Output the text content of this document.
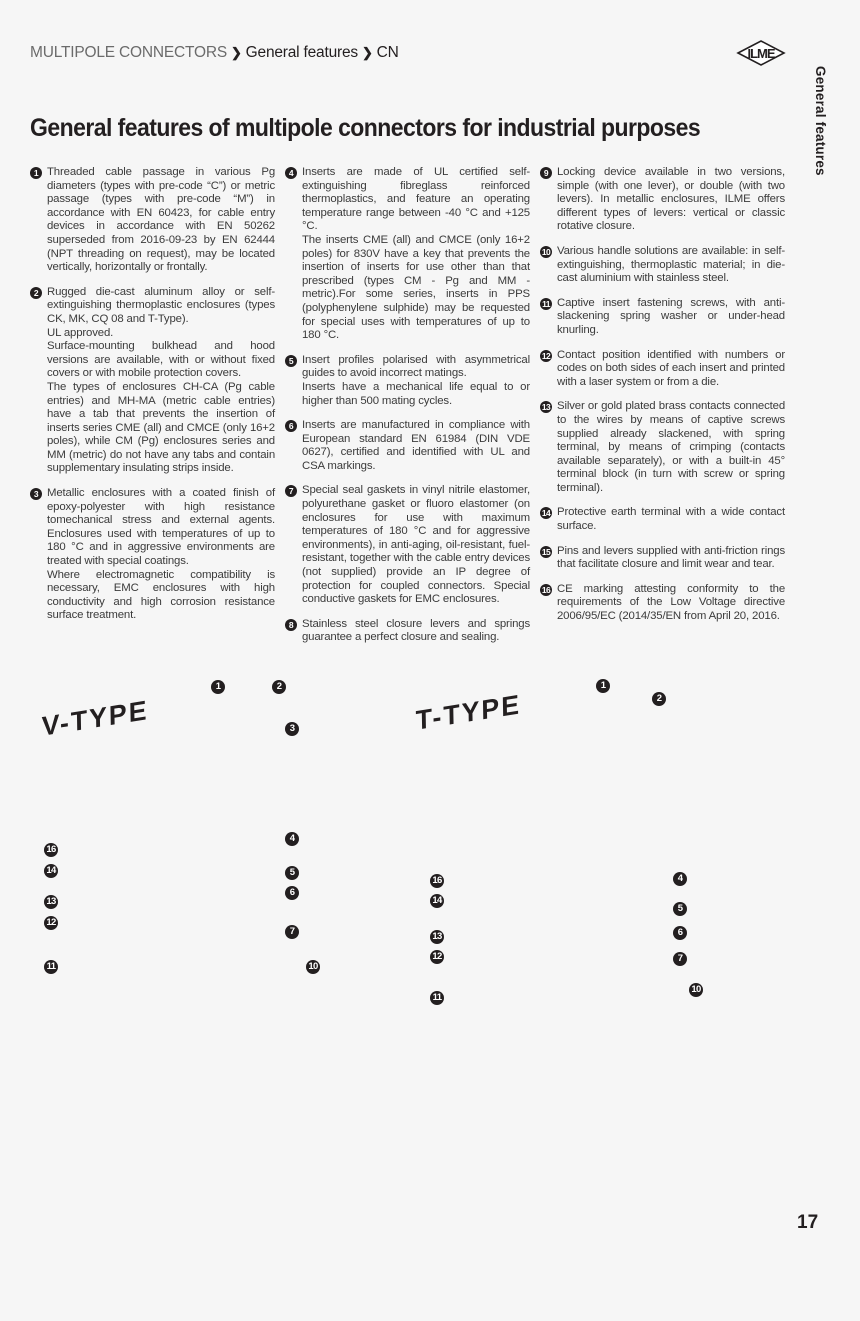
MULTIPOLE CONNECTORS ❯ General features ❯ CN	ILME
General features
General features of multipole connectors for industrial purposes
1 Threaded cable passage in various Pg diameters (types with pre-code “C”) or metric passage (types with pre-code “M”) in accordance with EN 60423, for cable entry devices in accordance with EN 50262 superseded from 2016-09-23 by EN 62444 (NPT threading on request), may be located vertically, horizontally or frontally.

2 Rugged die-cast aluminum alloy or self-extinguishing thermoplastic enclosures (types CK, MK, CQ 08 and T-Type).

UL approved.

Surface-mounting bulkhead and hood versions are available, with or without fixed covers or with mobile protection covers.

The types of enclosures CH-CA (Pg cable entries) and MH-MA (metric cable entries) have a tab that prevents the insertion of inserts series CME (all) and CMCE (only 16+2 poles), while CM (Pg) enclosures series and MM (metric) do not have any tabs and contain supplementary insulating strips inside.

3 Metallic enclosures with a coated finish of epoxy-polyester with high resistance tomechanical stress and external agents. Enclosures used with temperatures of up to 180 °C and in aggressive environments are treated with special coatings.

Where electromagnetic compatibility is necessary, EMC enclosures with high conductivity and high corrosion resistance surface treatment.

4 Inserts are made of UL certified self-extinguishing fibreglass reinforced thermoplastics, and feature an operating temperature range between -40 °C and +125 °C.

The inserts CME (all) and CMCE (only 16+2 poles) for 830V have a key that prevents the insertion of inserts for use other than that prescribed (types CM - Pg and MM - metric).For some series, inserts in PPS (polyphenylene sulphide) may be requested for special uses with temperatures of up to 180 °C.

5 Insert profiles polarised with asymmetrical guides to avoid incorrect matings.

Inserts have a mechanical life equal to or higher than 500 mating cycles.

6 Inserts are manufactured in compliance with European standard EN 61984 (DIN VDE 0627), certified and identified with UL and CSA markings.

7 Special seal gaskets in vinyl nitrile elastomer, polyurethane gasket or fluoro elastomer (on enclosures for use with maximum temperatures of 180 °C and for aggressive environments), in anti-aging, oil-resistant, fuel-resistant, together with the cable entry devices (not supplied) provide an IP degree of protection for coupled connectors. Special conductive gaskets for EMC enclosures.

8 Stainless steel closure levers and springs guarantee a perfect closure and sealing.

9 Locking device available in two versions, simple (with one lever), or double (with two levers). In metallic enclosures, ILME offers different types of levers: vertical or classic rotative closure.

10 Various handle solutions are available: in self-extinguishing, thermoplastic material; in die-cast aluminium with stainless steel.

11 Captive insert fastening screws, with anti-slackening spring washer or under-head knurling.

12 Contact position identified with numbers or codes on both sides of each insert and printed with a laser system or from a die.

13 Silver or gold plated brass contacts connected to the wires by means of captive screws supplied already slackened, with spring terminal, by means of crimping (contacts available separately), or with a built-in 45° terminal block (in turn with screw or spring terminal).

14 Protective earth terminal with a wide contact surface.

15 Pins and levers supplied with anti-friction rings that facilitate closure and limit wear and tear.

16 CE marking attesting conformity to the requirements of the Low Voltage directive 2006/95/EC (2014/35/EN from April 20, 2016.

V-TYPE	T-TYPE
1	2
3
4
16
14	5
6
13
12
7
11	10
1
2
4
16
14
5
6
13
12	7
10
11
17
